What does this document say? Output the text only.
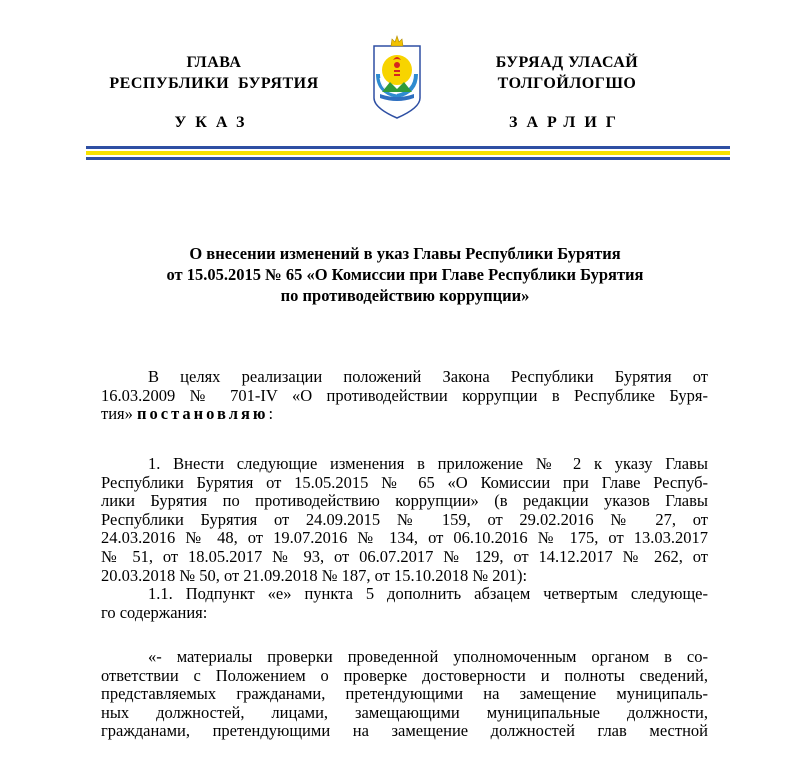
ГЛАВА
РЕСПУБЛИКИ  БУРЯТИЯ
БУРЯАД УЛАСАЙ
ТОЛГОЙЛОГШО
УКАЗ	ЗАРЛИГ
О внесении изменений в указ Главы Республики Бурятия
от 15.05.2015 № 65 «О Комиссии при Главе Республики Бурятия
по противодействию коррупции»
В целях реализации положений Закона Республики Бурятия от
16.03.2009 № 701-IV «О противодействии коррупции в Республике Буря-
тия» постановляю:
1. Внести следующие изменения в приложение № 2 к указу Главы
Республики Бурятия от 15.05.2015 № 65 «О Комиссии при Главе Респуб-
лики Бурятия по противодействию коррупции» (в редакции указов Главы
Республики Бурятия от 24.09.2015 № 159, от 29.02.2016 № 27, от
24.03.2016 № 48, от 19.07.2016 № 134, от 06.10.2016 № 175, от 13.03.2017
№ 51, от 18.05.2017 № 93, от 06.07.2017 № 129, от 14.12.2017 № 262, от
20.03.2018 № 50, от 21.09.2018 № 187, от 15.10.2018 № 201):
1.1. Подпункт «е» пункта 5 дополнить абзацем четвертым следующе-
го содержания:
«- материалы проверки проведенной уполномоченным органом в со-
ответствии с Положением о проверке достоверности и полноты сведений,
представляемых гражданами, претендующими на замещение муниципаль-
ных должностей, лицами, замещающими муниципальные должности,
гражданами, претендующими на замещение должностей глав местной
